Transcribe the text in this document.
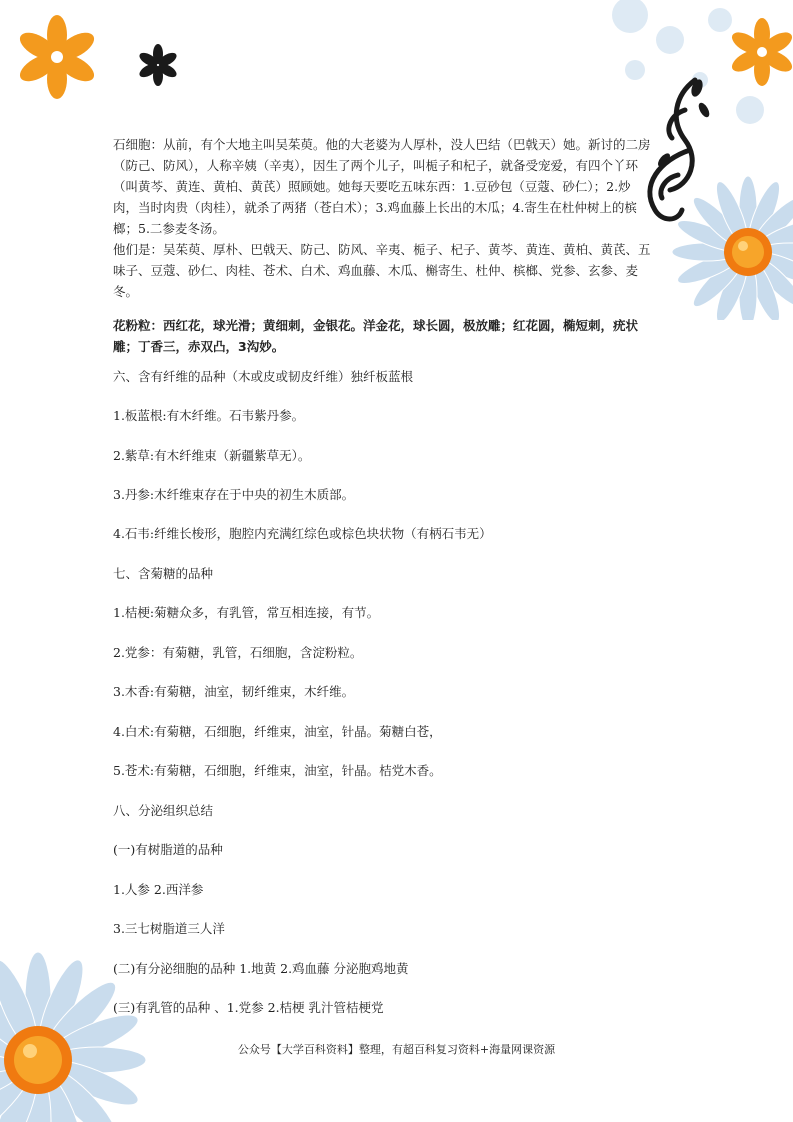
石细胞：从前，有个大地主叫吴茱萸。他的大老婆为人厚朴，没人巴结（巴戟天）她。新讨的二房（防己、防风），人称辛姨（辛夷），因生了两个儿子，叫栀子和杞子，就备受宠爱，有四个丫环（叫黄芩、黄连、黄柏、黄芪）照顾她。她每天要吃五味东西：1.豆砂包（豆蔻、砂仁）；2.炒肉，当时肉贵（肉桂），就杀了两猪（苍白术）；3.鸡血藤上长出的木瓜；4.寄生在杜仲树上的槟榔；5.二参麦冬汤。

他们是：吴茱萸、厚朴、巴戟天、防己、防风、辛夷、栀子、杞子、黄芩、黄连、黄柏、黄芪、五味子、豆蔻、砂仁、肉桂、苍术、白术、鸡血藤、木瓜、槲寄生、杜仲、槟榔、党参、玄参、麦冬。

花粉粒：西红花，球光滑；黄细刺，金银花。洋金花，球长圆，极放雕；红花圆，椭短刺，疣状雕；丁香三，赤双凸，3沟妙。

六、含有纤维的品种（木或皮或韧皮纤维）独纤板蓝根
1.板蓝根:有木纤维。石韦紫丹参。
2.紫草:有木纤维束（新疆紫草无）。
3.丹参:木纤维束存在于中央的初生木质部。
4.石韦:纤维长梭形，胞腔内充满红综色或棕色块状物（有柄石韦无）
七、含菊糖的品种
1.桔梗:菊糖众多，有乳管，常互相连接，有节。
2.党参：有菊糖，乳管，石细胞，含淀粉粒。
3.木香:有菊糖，油室，韧纤维束，木纤维。
4.白术:有菊糖，石细胞，纤维束，油室，针晶。菊糖白苍，
5.苍术:有菊糖，石细胞，纤维束，油室，针晶。桔党木香。
八、分泌组织总结
(一)有树脂道的品种
1.人参 2.西洋参
3.三七树脂道三人洋
(二)有分泌细胞的品种 1.地黄 2.鸡血藤 分泌胞鸡地黄
(三)有乳管的品种 、1.党参 2.桔梗 乳汁管桔梗党
公众号【大学百科资料】整理，有超百科复习资料+海量网课资源
